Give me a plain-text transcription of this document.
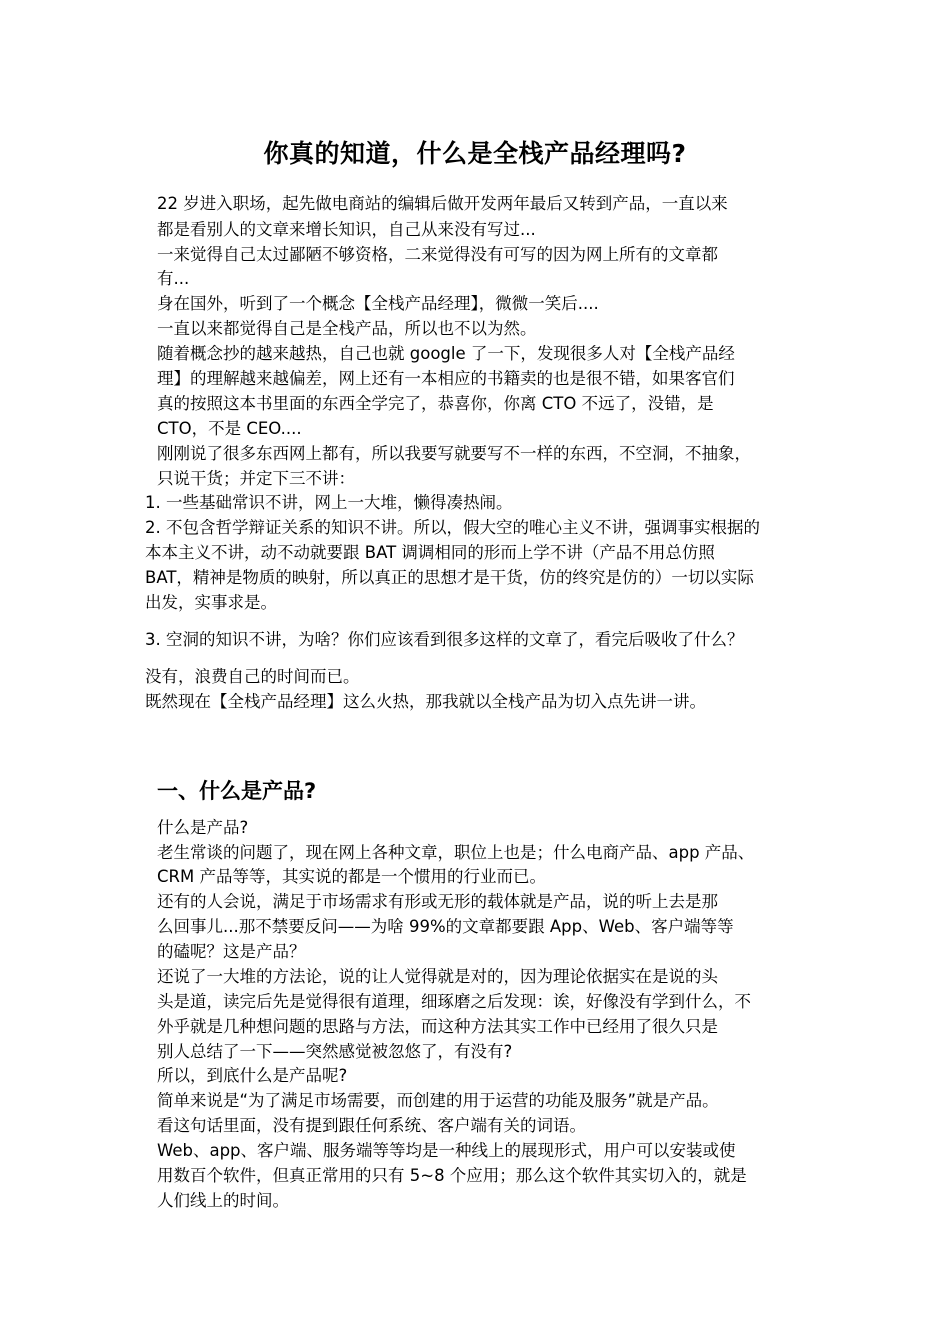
你真的知道，什么是全栈产品经理吗?
22 岁进入职场，起先做电商站的编辑后做开发两年最后又转到产品，一直以来
都是看别人的文章来增长知识，自己从来没有写过...
一来觉得自己太过鄙陋不够资格，二来觉得没有可写的因为网上所有的文章都
有...
身在国外，听到了一个概念【全栈产品经理】，微微一笑后....
一直以来都觉得自己是全栈产品，所以也不以为然。
随着概念抄的越来越热，自己也就 google 了一下，发现很多人对【全栈产品经
理】的理解越来越偏差，网上还有一本相应的书籍卖的也是很不错，如果客官们
真的按照这本书里面的东西全学完了，恭喜你，你离 CTO 不远了，没错，是
CTO，不是 CEO....
刚刚说了很多东西网上都有，所以我要写就要写不一样的东西，不空洞，不抽象，
只说干货；并定下三不讲：
1. 一些基础常识不讲，网上一大堆，懒得凑热闹。
2. 不包含哲学辩证关系的知识不讲。所以，假大空的唯心主义不讲，强调事实根据的
本本主义不讲，动不动就要跟 BAT 调调相同的形而上学不讲（产品不用总仿照
BAT，精神是物质的映射，所以真正的思想才是干货，仿的终究是仿的）一切以实际
出发，实事求是。
3. 空洞的知识不讲，为啥？你们应该看到很多这样的文章了，看完后吸收了什么？
没有，浪费自己的时间而已。
既然现在【全栈产品经理】这么火热，那我就以全栈产品为切入点先讲一讲。
一、什么是产品?
什么是产品?
老生常谈的问题了，现在网上各种文章，职位上也是；什么电商产品、app 产品、
CRM 产品等等，其实说的都是一个惯用的行业而已。
还有的人会说，满足于市场需求有形或无形的载体就是产品，说的听上去是那
么回事儿...那不禁要反问——为啥 99%的文章都要跟 App、Web、客户端等等
的磕呢？这是产品？
还说了一大堆的方法论，说的让人觉得就是对的，因为理论依据实在是说的头
头是道，读完后先是觉得很有道理，细琢磨之后发现：诶，好像没有学到什么，不
外乎就是几种想问题的思路与方法，而这种方法其实工作中已经用了很久只是
别人总结了一下——突然感觉被忽悠了，有没有?
所以，到底什么是产品呢?
简单来说是“为了满足市场需要，而创建的用于运营的功能及服务”就是产品。
看这句话里面，没有提到跟任何系统、客户端有关的词语。
Web、app、客户端、服务端等等均是一种线上的展现形式，用户可以安装或使
用数百个软件，但真正常用的只有 5~8 个应用；那么这个软件其实切入的，就是
人们线上的时间。
